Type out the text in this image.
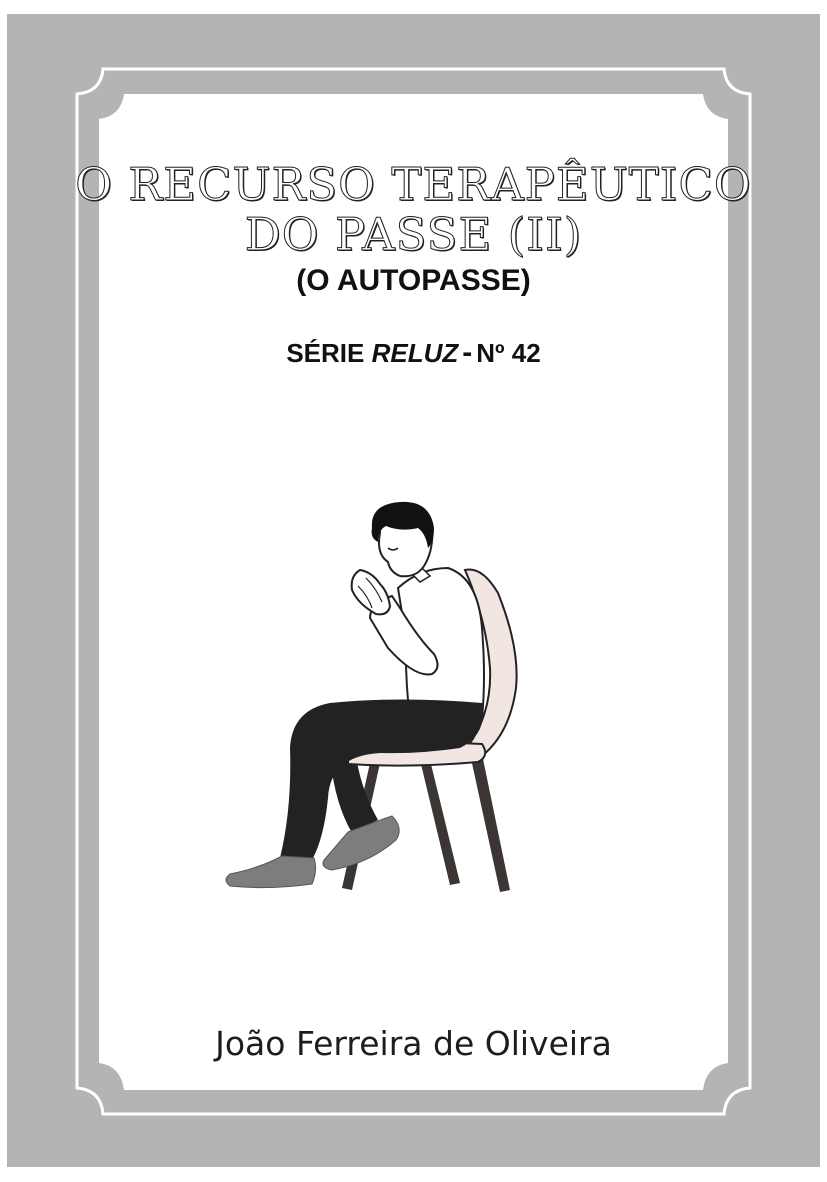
O RECURSO TERAPÊUTICO
DO PASSE (II)
(O AUTOPASSE)
SÉRIE RELUZ - Nº 42
João Ferreira de Oliveira
